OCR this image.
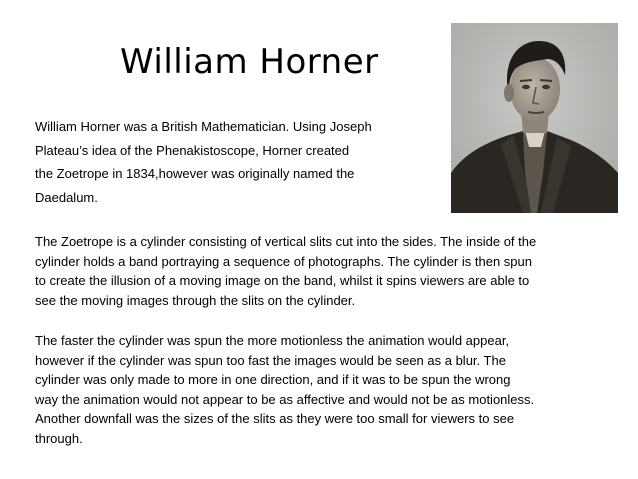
William Horner
William Horner was a British Mathematician. Using Joseph
Plateau’s idea of the Phenakistoscope, Horner created
the Zoetrope in 1834,however was originally named the
Daedalum.
The Zoetrope is a cylinder consisting of vertical slits cut into the sides. The inside of the
cylinder holds a band portraying a sequence of photographs. The cylinder is then spun
to create the illusion of a moving image on the band, whilst it spins viewers are able to
see the moving images through the slits on the cylinder.
The faster the cylinder was spun the more motionless the animation would appear,
however if the cylinder was spun too fast the images would be seen as a blur. The
cylinder was only made to more in one direction, and if it was to be spun the wrong
way the animation would not appear to be as affective and would not be as motionless.
Another downfall was the sizes of the slits as they were too small for viewers to see
through.
